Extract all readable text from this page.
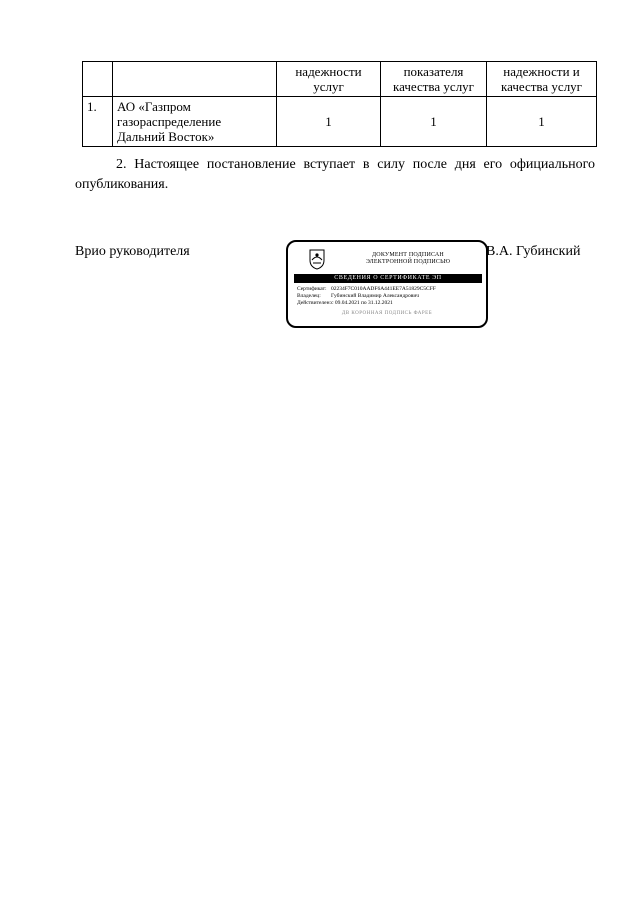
		надежности услуг	показателя качества услуг	надежности и качества услуг
1.	АО «Газпром газораспределение Дальний Восток»	1	1	1
2. Настоящее постановление вступает в силу после дня его официального опубликования.
Врио руководителя	ДОКУМЕНТ ПОДПИСАН
ЭЛЕКТРОННОЙ ПОДПИСЬЮ
СВЕДЕНИЯ О СЕРТИФИКАТЕ ЭП
Сертификат: 02234F7C010AADF6A441EE7A51829C5CFF
Владелец:	Губинский Владимир Александрович
Действителен: с 09.04.2021 по 31.12.2021
ДВ КОРОННАЯ ПОДПИСЬ ФАРЕБ
В.А. Губинский
